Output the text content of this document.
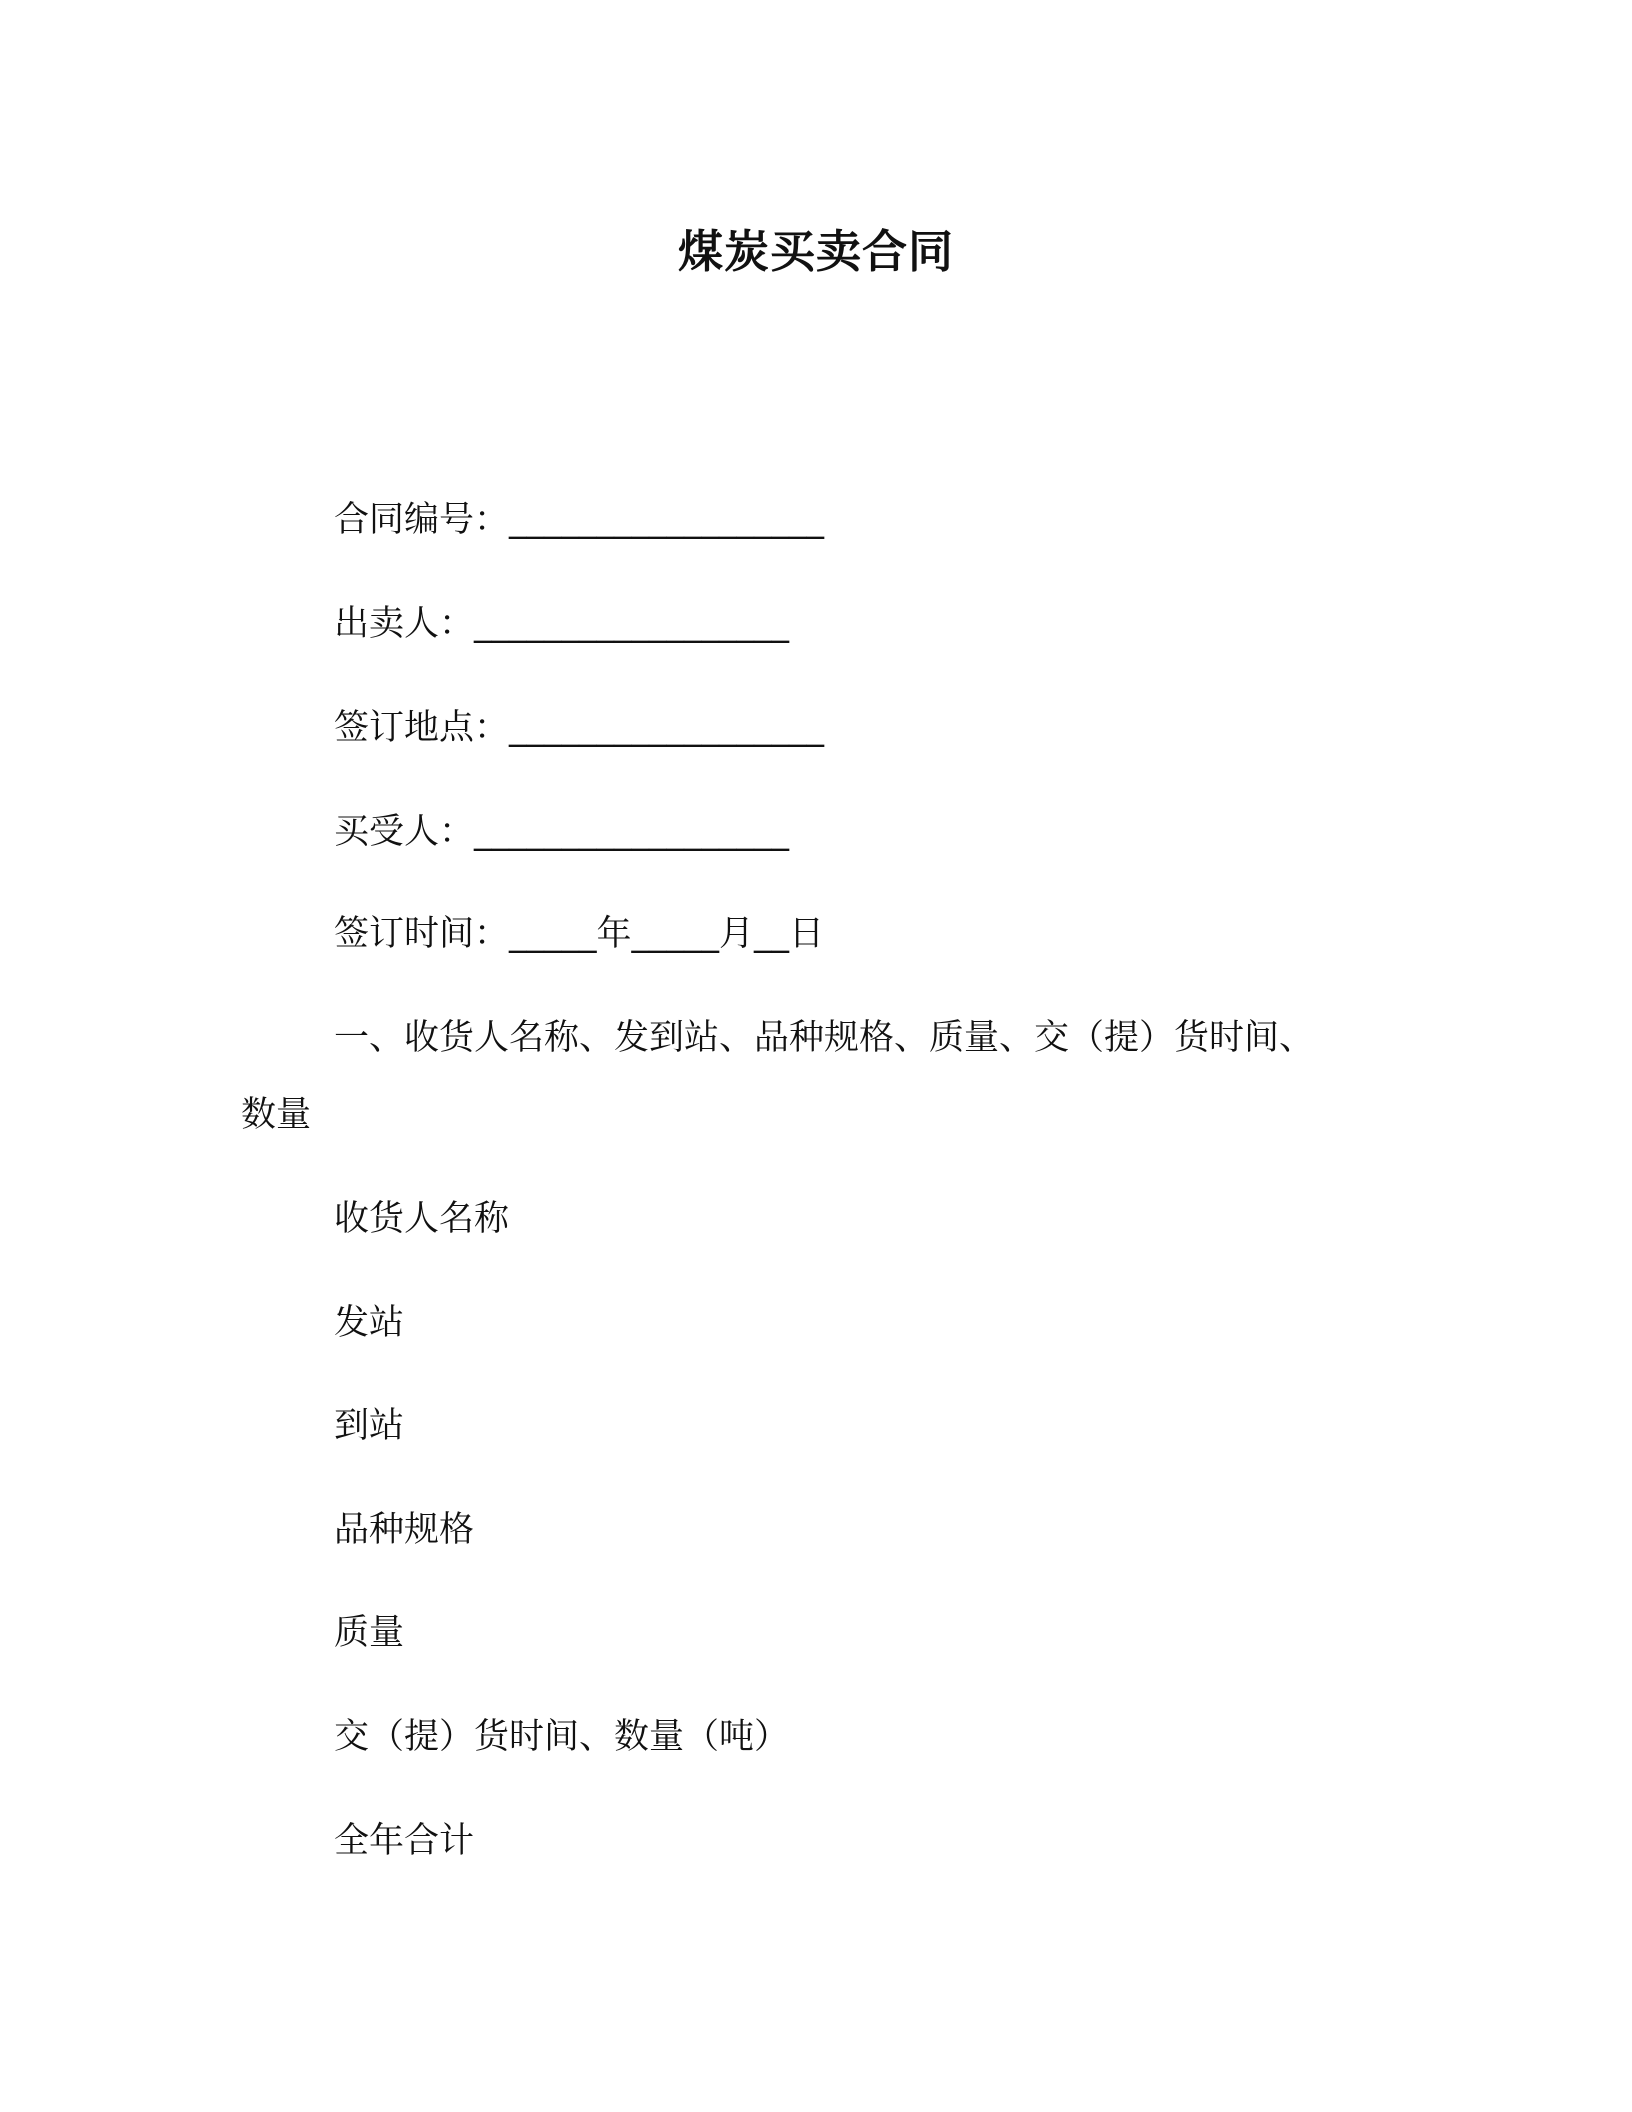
煤炭买卖合同
合同编号：__________________
出卖人：__________________
签订地点：__________________
买受人：__________________
签订时间：_____年_____月__日
一、收货人名称、发到站、品种规格、质量、交（提）货时间、
数量
收货人名称
发站
到站
品种规格
质量
交（提）货时间、数量（吨）
全年合计
